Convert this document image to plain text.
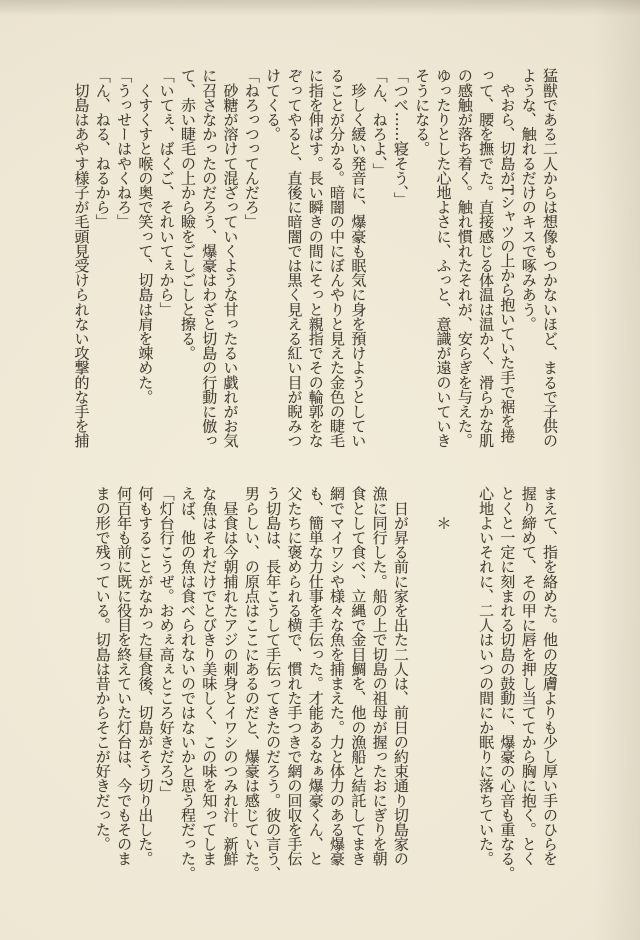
猛獣である二人からは想像もつかないほど、まるで子供の
ような、触れるだけのキスで啄みあう。
　やおら、切島がTシャツの上から抱いていた手で裾を捲
って、腰を撫でた。直接感じる体温は温かく、滑らかな肌
の感触が落ち着く。触れ慣れたそれが、安らぎを与えた。
ゆったりとした心地よさに、ふっと、意識が遠のいていき
そうになる。
「つべ……寝そう、」
「ん、ねろよ、」
　珍しく緩い発音に、爆豪も眠気に身を預けようとしてい
ることが分かる。暗闇の中にぼんやりと見えた金色の睫毛
に指を伸ばす。長い瞬きの間にそっと親指でその輪郭をな
ぞってやると、直後に暗闇では黒く見える紅い目が睨みつ
けてくる。
「ねろっつってんだろ」
　砂糖が溶けて混ざっていくような甘ったるい戯れがお気
に召さなかったのだろう、爆豪はわざと切島の行動に倣っ
て、赤い睫毛の上から瞼をごしごしと擦る。
「いてぇ、ばくご、それいてぇから」
　くすくすと喉の奥で笑って、切島は肩を竦めた。
「うっせーはやくねろ」
「ん、ねる、ねるから」
　切島はあやす様子が毛頭見受けられない攻撃的な手を捕
まえて、指を絡めた。他の皮膚よりも少し厚い手のひらを
握り締めて、その甲に唇を押し当ててから胸に抱く。とく
とくと一定に刻まれる切島の鼓動に、爆豪の心音も重なる。
心地よいそれに、二人はいつの間にか眠りに落ちていた。

　　＊

　日が昇る前に家を出た二人は、前日の約束通り切島家の
漁に同行した。船の上で切島の祖母が握ったおにぎりを朝
食として食べ、立縄で金目鯛を、他の漁船と結託してまき
網でマイワシや様々な魚を捕まえた。力と体力のある爆豪
も、簡単な力仕事を手伝った。才能あるなぁ爆豪くん、と
父たちに褒められる横で、慣れた手つきで網の回収を手伝
う切島は、長年こうして手伝ってきたのだろう。彼の言う、
男らしい、の原点はここにあるのだと、爆豪は感じていた。
　昼食は今朝捕れたアジの刺身とイワシのつみれ汁。新鮮
な魚はそれだけでとびきり美味しく、この味を知ってしま
えば、他の魚は食べられないのではないかと思う程だった。
「灯台行こうぜ。おめぇ高ぇところ好きだろ?」
何もすることがなかった昼食後、切島がそう切り出した。
何百年も前に既に役目を終えていた灯台は、今でもそのま
まの形で残っている。切島は昔からそこが好きだった。
